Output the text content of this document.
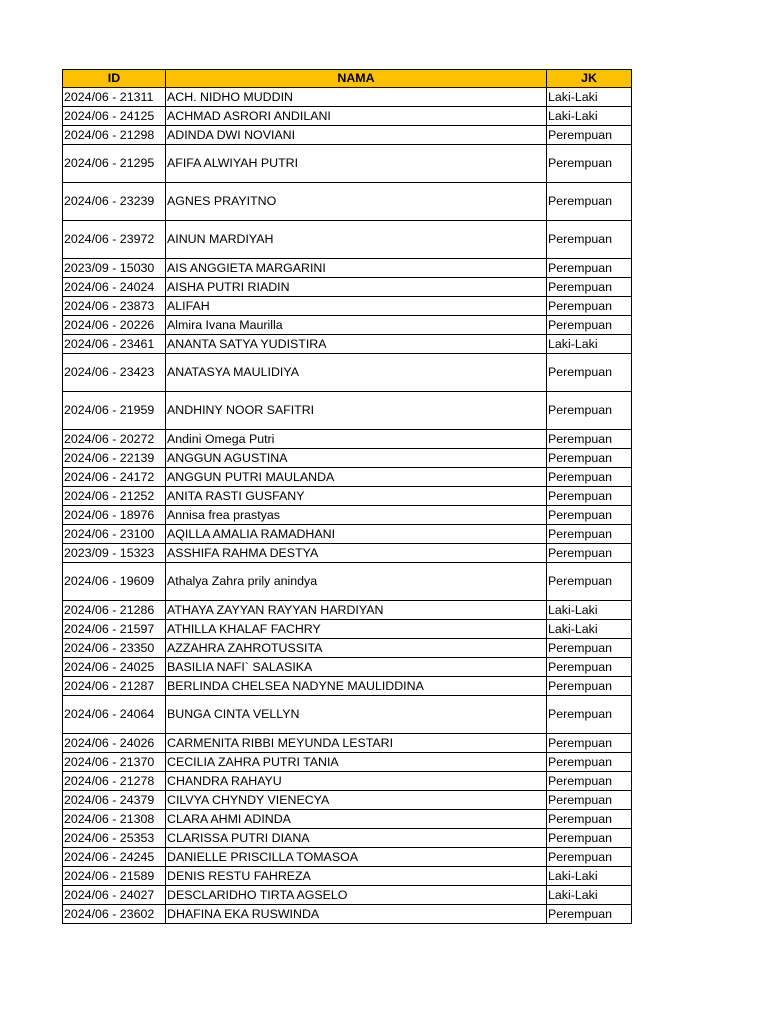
ID	NAMA	JK
2024/06 - 21311	ACH. NIDHO MUDDIN	Laki-Laki
2024/06 - 24125	ACHMAD ASRORI ANDILANI	Laki-Laki
2024/06 - 21298	ADINDA DWI NOVIANI	Perempuan
2024/06 - 21295	AFIFA ALWIYAH PUTRI	Perempuan
2024/06 - 23239	AGNES PRAYITNO	Perempuan
2024/06 - 23972	AINUN MARDIYAH	Perempuan
2023/09 - 15030	AIS ANGGIETA MARGARINI	Perempuan
2024/06 - 24024	AISHA PUTRI RIADIN	Perempuan
2024/06 - 23873	ALIFAH	Perempuan
2024/06 - 20226	Almira Ivana Maurilla	Perempuan
2024/06 - 23461	ANANTA SATYA YUDISTIRA	Laki-Laki
2024/06 - 23423	ANATASYA MAULIDIYA	Perempuan
2024/06 - 21959	ANDHINY NOOR SAFITRI	Perempuan
2024/06 - 20272	Andini Omega Putri	Perempuan
2024/06 - 22139	ANGGUN AGUSTINA	Perempuan
2024/06 - 24172	ANGGUN PUTRI MAULANDA	Perempuan
2024/06 - 21252	ANITA RASTI GUSFANY	Perempuan
2024/06 - 18976	Annisa frea prastyas	Perempuan
2024/06 - 23100	AQILLA AMALIA RAMADHANI	Perempuan
2023/09 - 15323	ASSHIFA RAHMA DESTYA	Perempuan
2024/06 - 19609	Athalya Zahra prily anindya	Perempuan
2024/06 - 21286	ATHAYA ZAYYAN RAYYAN HARDIYAN	Laki-Laki
2024/06 - 21597	ATHILLA KHALAF FACHRY	Laki-Laki
2024/06 - 23350	AZZAHRA ZAHROTUSSITA	Perempuan
2024/06 - 24025	BASILIA NAFI` SALASIKA	Perempuan
2024/06 - 21287	BERLINDA CHELSEA NADYNE MAULIDDINA	Perempuan
2024/06 - 24064	BUNGA CINTA VELLYN	Perempuan
2024/06 - 24026	CARMENITA RIBBI MEYUNDA LESTARI	Perempuan
2024/06 - 21370	CECILIA ZAHRA PUTRI TANIA	Perempuan
2024/06 - 21278	CHANDRA RAHAYU	Perempuan
2024/06 - 24379	CILVYA CHYNDY VIENECYA	Perempuan
2024/06 - 21308	CLARA AHMI ADINDA	Perempuan
2024/06 - 25353	CLARISSA PUTRI DIANA	Perempuan
2024/06 - 24245	DANIELLE PRISCILLA TOMASOA	Perempuan
2024/06 - 21589	DENIS RESTU FAHREZA	Laki-Laki
2024/06 - 24027	DESCLARIDHO TIRTA AGSELO	Laki-Laki
2024/06 - 23602	DHAFINA EKA RUSWINDA	Perempuan
